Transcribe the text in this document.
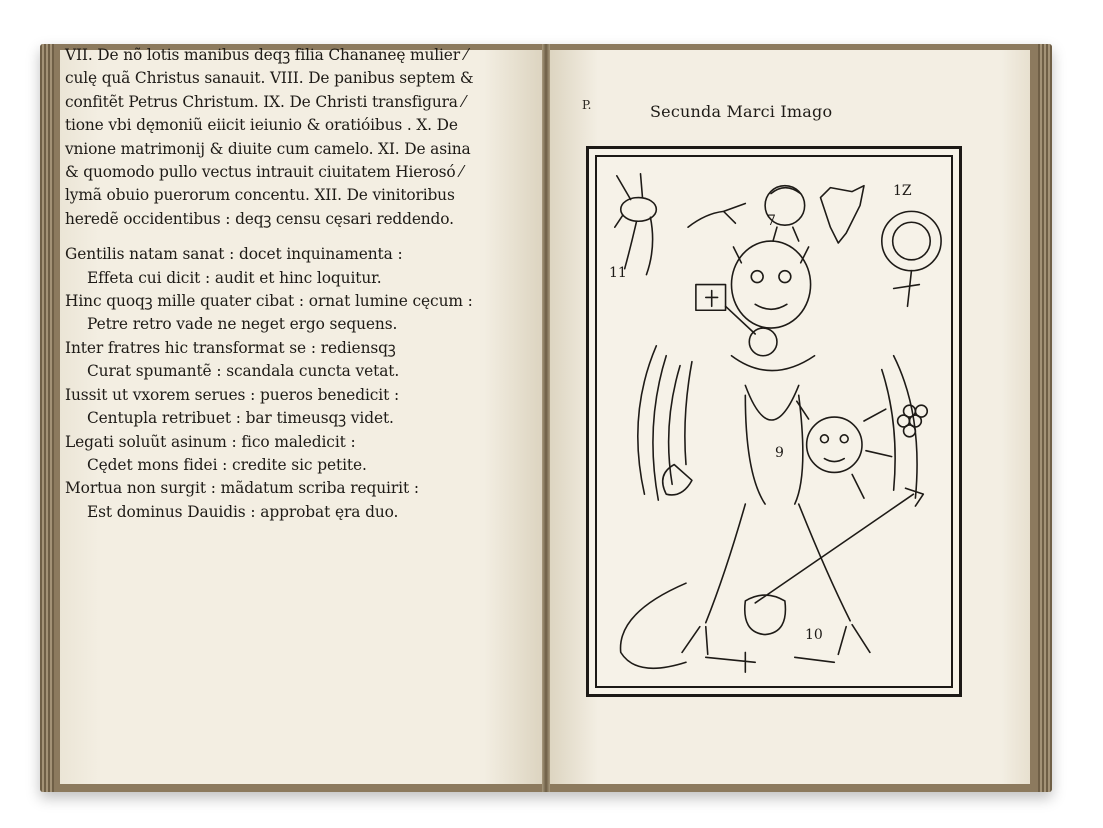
VII. De nõ lotis manibus deqꝫ filia Chananeę mulier ⁄
culę quã Christus sanauit. VIII. De panibus septem &
confitẽt Petrus Christum. IX. De Christi transfigura ⁄
tione vbi dęmoniũ eiicit ieiunio & oratióibus . X. De
vnione matrimonij & diuite cum camelo. XI. De asina
& quomodo pullo vectus intrauit ciuitatem Hierosó ⁄
lymã obuio puerorum concentu. XII. De vinitoribus
heredẽ occidentibus : deqꝫ censu cęsari reddendo.
Gentilis natam sanat : docet inquinamenta :
Effeta cui dicit : audit et hinc loquitur.
Hinc quoqꝫ mille quater cibat : ornat lumine cęcum :
Petre retro vade ne neget ergo sequens.
Inter fratres hic transformat se : rediensqꝫ
Curat spumantẽ : scandala cuncta vetat.
Iussit ut vxorem serues : pueros benedicit :
Centupla retribuet : bar timeusqꝫ videt.
Legati soluũt asinum : fico maledicit :
Cędet mons fidei : credite sic petite.
Mortua non surgit : mãdatum scriba requirit :
Est dominus Dauidis : approbat ęra duo.
P.	Secunda Marci Imago
7
9
10
11
1Z
